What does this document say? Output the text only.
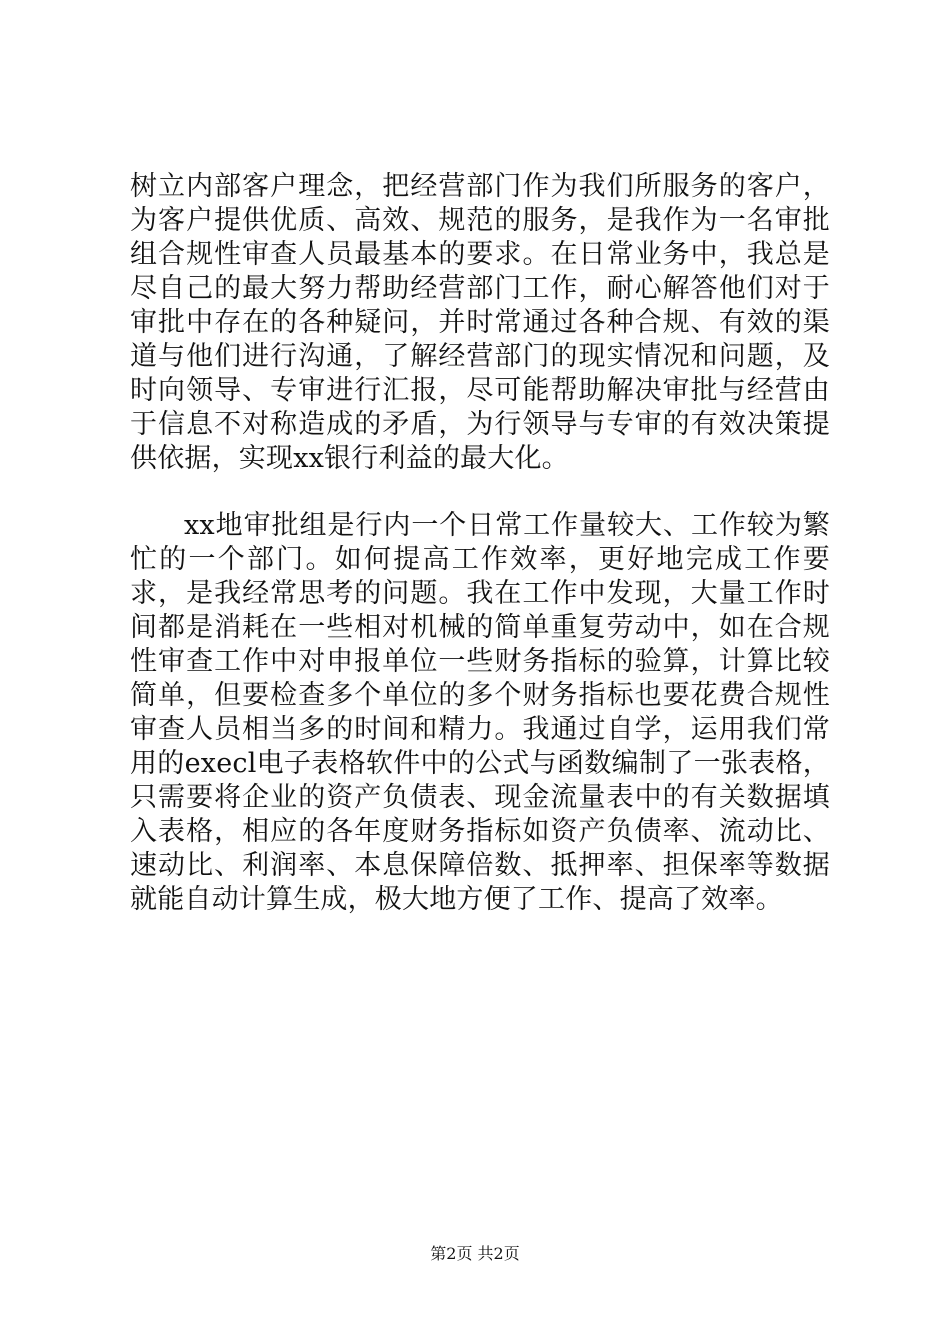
树立内部客户理念，把经营部门作为我们所服务的客户，为客户提供优质、高效、规范的服务，是我作为一名审批组合规性审查人员最基本的要求。在日常业务中，我总是尽自己的最大努力帮助经营部门工作，耐心解答他们对于审批中存在的各种疑问，并时常通过各种合规、有效的渠道与他们进行沟通，了解经营部门的现实情况和问题，及时向领导、专审进行汇报，尽可能帮助解决审批与经营由于信息不对称造成的矛盾，为行领导与专审的有效决策提供依据，实现xx银行利益的最大化。

xx地审批组是行内一个日常工作量较大、工作较为繁忙的一个部门。如何提高工作效率，更好地完成工作要求，是我经常思考的问题。我在工作中发现，大量工作时间都是消耗在一些相对机械的简单重复劳动中，如在合规性审查工作中对申报单位一些财务指标的验算，计算比较简单，但要检查多个单位的多个财务指标也要花费合规性审查人员相当多的时间和精力。我通过自学，运用我们常用的execl电子表格软件中的公式与函数编制了一张表格，只需要将企业的资产负债表、现金流量表中的有关数据填入表格，相应的各年度财务指标如资产负债率、流动比、速动比、利润率、本息保障倍数、抵押率、担保率等数据就能自动计算生成，极大地方便了工作、提高了效率。

第2页 共2页
